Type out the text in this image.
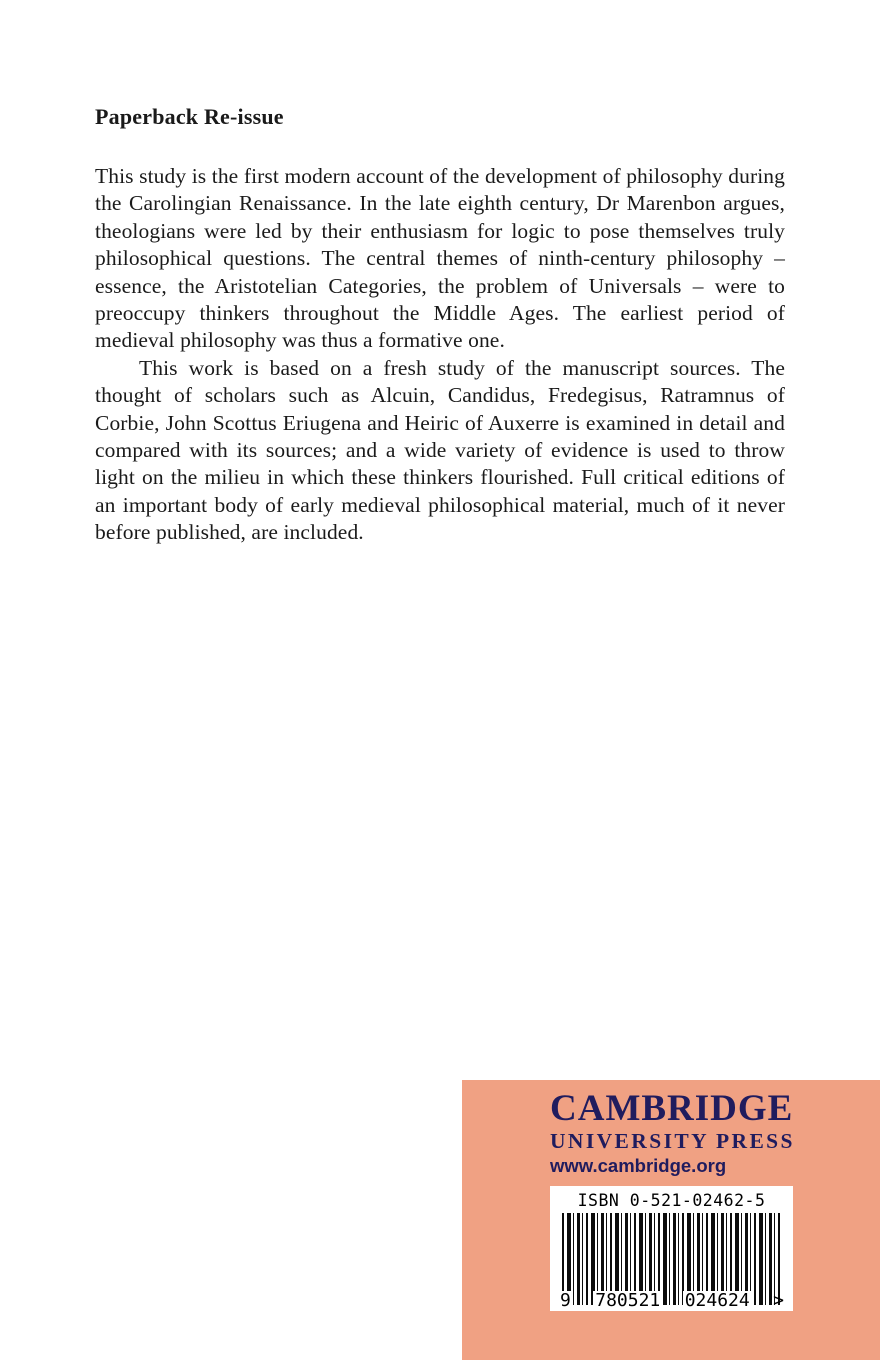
Paperback Re-issue

This study is the first modern account of the development of philosophy during the Carolingian Renaissance. In the late eighth century, Dr Marenbon argues, theologians were led by their enthusiasm for logic to pose themselves truly philosophical questions. The central themes of ninth-century philosophy – essence, the Aristotelian Categories, the problem of Universals – were to preoccupy thinkers throughout the Middle Ages. The earliest period of medieval philosophy was thus a formative one.

This work is based on a fresh study of the manuscript sources. The thought of scholars such as Alcuin, Candidus, Fredegisus, Ratramnus of Corbie, John Scottus Eriugena and Heiric of Auxerre is examined in detail and compared with its sources; and a wide variety of evidence is used to throw light on the milieu in which these thinkers flourished. Full critical editions of an important body of early medieval philosophical material, much of it never before published, are included.

CAMBRIDGE
UNIVERSITY PRESS
www.cambridge.org
ISBN 0-521-02462-5
9 780521 024624 >
